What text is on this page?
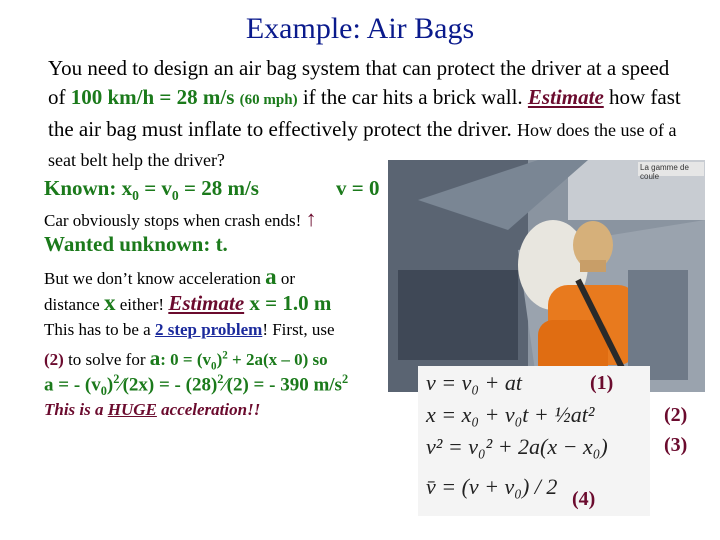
Example: Air Bags
You need to design an air bag system that can protect the driver at a speed of 100 km/h = 28 m/s (60 mph) if the car hits a brick wall. Estimate how fast the air bag must inflate to effectively protect the driver. How does the use of a seat belt help the driver?
Known: $x_0 = v_0 = 28$ m/s	v = 0
Car obviously stops when crash ends! ↑
Wanted unknown: t.
But we don’t know acceleration a or
distance x either! Estimate x = 1.0 m
This has to be a 2 step problem! First, use
(2) to solve for a: $0 = (v_0)^2 + 2a(x - 0)$ so
a = - $(v_0)^2⁄(2x)$ = - $(28)^2⁄(2)$ = - 390 $m/s^2$
This is a HUGE acceleration!!
La gamme de coule
v = v₀ + at
x = x₀ + v₀t + ½at²
v² = v₀² + 2a(x − x₀)
v̄ = (v + v₀) / 2
(1)
(2)
(3)
(4)
